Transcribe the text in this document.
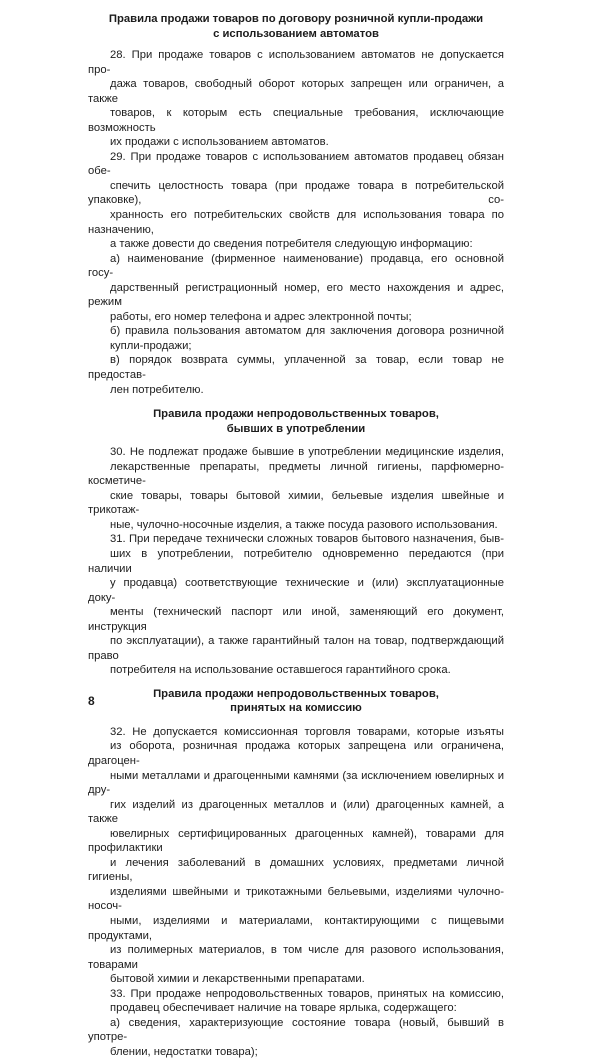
Правила продажи товаров по договору розничной купли-продажи
с использованием автоматов

28. При продаже товаров с использованием автоматов не допускается про-
дажа товаров, свободный оборот которых запрещен или ограничен, а также
товаров, к которым есть специальные требования, исключающие возможность
их продажи с использованием автоматов.

29. При продаже товаров с использованием автоматов продавец обязан обе-
спечить целостность товара (при продаже товара в потребительской упаковке), со-
хранность его потребительских свойств для использования товара по назначению,
а также довести до сведения потребителя следующую информацию:

а) наименование (фирменное наименование) продавца, его основной госу-
дарственный регистрационный номер, его место нахождения и адрес, режим
работы, его номер телефона и адрес электронной почты;

б) правила пользования автоматом для заключения договора розничной
купли-продажи;

в) порядок возврата суммы, уплаченной за товар, если товар не предостав-
лен потребителю.

Правила продажи непродовольственных товаров,
бывших в употреблении

30. Не подлежат продаже бывшие в употреблении медицинские изделия,
лекарственные препараты, предметы личной гигиены, парфюмерно-косметиче-
ские товары, товары бытовой химии, бельевые изделия швейные и трикотаж-
ные, чулочно-носочные изделия, а также посуда разового использования.

31. При передаче технически сложных товаров бытового назначения, быв-
ших в употреблении, потребителю одновременно передаются (при наличии
у продавца) соответствующие технические и (или) эксплуатационные доку-
менты (технический паспорт или иной, заменяющий его документ, инструкция
по эксплуатации), а также гарантийный талон на товар, подтверждающий право
потребителя на использование оставшегося гарантийного срока.

Правила продажи непродовольственных товаров,
принятых на комиссию

32. Не допускается комиссионная торговля товарами, которые изъяты
из оборота, розничная продажа которых запрещена или ограничена, драгоцен-
ными металлами и драгоценными камнями (за исключением ювелирных и дру-
гих изделий из драгоценных металлов и (или) драгоценных камней, а также
ювелирных сертифицированных драгоценных камней), товарами для профилактики
и лечения заболеваний в домашних условиях, предметами личной гигиены,
изделиями швейными и трикотажными бельевыми, изделиями чулочно-носоч-
ными, изделиями и материалами, контактирующими с пищевыми продуктами,
из полимерных материалов, в том числе для разового использования, товарами
бытовой химии и лекарственными препаратами.

33. При продаже непродовольственных товаров, принятых на комиссию,
продавец обеспечивает наличие на товаре ярлыка, содержащего:

а) сведения, характеризующие состояние товара (новый, бывший в употре-
блении, недостатки товара);

8
